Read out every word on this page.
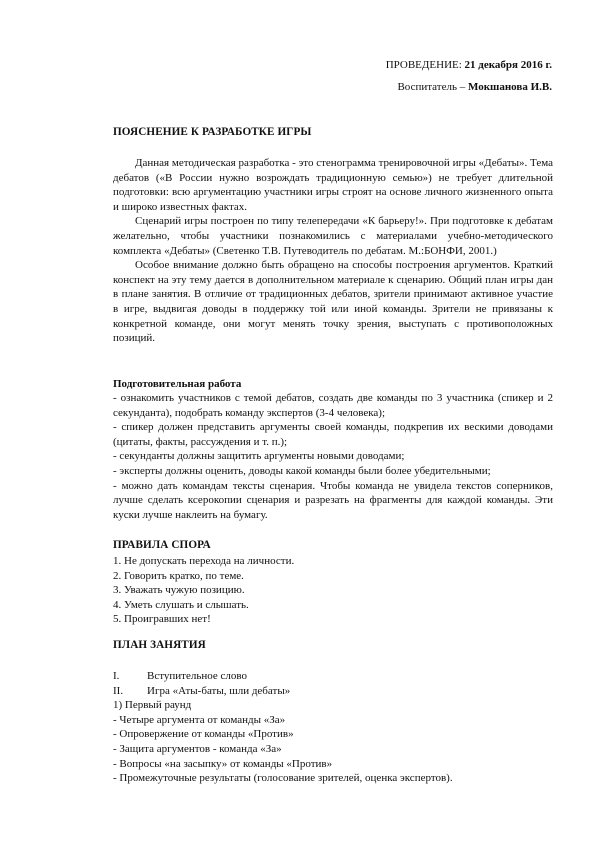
ПРОВЕДЕНИЕ: 21 декабря 2016 г.
Воспитатель – Мокшанова И.В.
ПОЯСНЕНИЕ К РАЗРАБОТКЕ ИГРЫ

  Данная методическая разработка - это стенограмма тренировочной игры «Дебаты». Тема дебатов («В России нужно возрождать традиционную семью») не требует длительной подготовки: всю аргументацию участники игры строят на основе личного жизненного опыта и широко известных фактах.

  Сценарий игры построен по типу телепередачи «К барьеру!». При подготовке к дебатам желательно, чтобы участники познакомились с материалами учебно-методического комплекта «Дебаты» (Светенко Т.В. Путеводитель по дебатам. М.:БОНФИ, 2001.)

  Особое внимание должно быть обращено на способы построения аргументов. Краткий конспект на эту тему дается в дополнительном материале к сценарию. Общий план игры дан в плане занятия. В отличие от традиционных дебатов, зрители принимают активное участие в игре, выдвигая доводы в поддержку той или иной команды. Зрители не привязаны к конкретной команде, они могут менять точку зрения, выступать с противоположных позиций.

Подготовительная работа

- ознакомить участников с темой дебатов, создать две команды по 3 участника (спикер и 2 секунданта), подобрать команду экспертов (3-4 человека);

- спикер должен представить аргументы своей команды, подкрепив их вескими доводами (цитаты, факты, рассуждения и т. п.);

- секунданты должны защитить аргументы новыми доводами;

- эксперты должны оценить, доводы какой команды были более убедительными;

- можно дать командам тексты сценария. Чтобы команда не увидела текстов соперников, лучше сделать ксерокопии сценария и разрезать на фрагменты для каждой команды. Эти куски лучше наклеить на бумагу.

ПРАВИЛА СПОРА
1. Не допускать перехода на личности.
2. Говорить кратко, по теме.
3. Уважать чужую позицию.
4. Уметь слушать и слышать.
5. Проигравших нет!
ПЛАН ЗАНЯТИЯ
I.	Вступительное слово
II.	Игра «Аты-баты, шли дебаты»
1) Первый раунд
- Четыре аргумента от команды «За»
- Опровержение от команды «Против»
- Защита аргументов - команда «За»
- Вопросы «на засыпку» от команды «Против»
- Промежуточные результаты (голосование зрителей, оценка экспертов).
